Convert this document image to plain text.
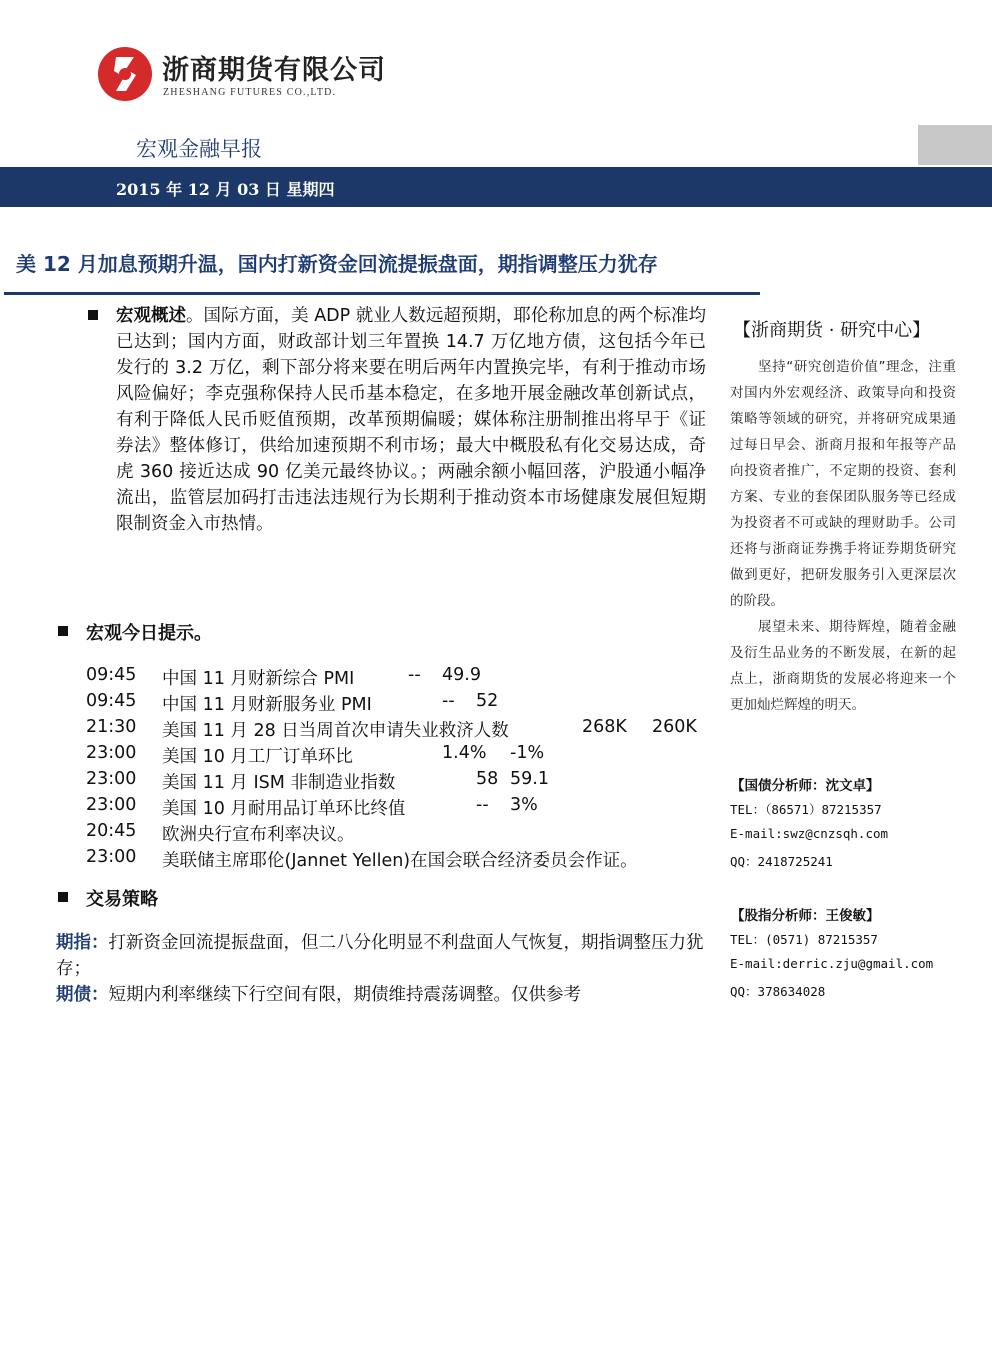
浙商期货有限公司
ZHESHANG FUTURES CO.,LTD.
宏观金融早报
2015 年 12 月 03 日 星期四
美 12 月加息预期升温，国内打新资金回流提振盘面，期指调整压力犹存
宏观概述。国际方面，美 ADP 就业人数远超预期，耶伦称加息的两个标准均已达到；国内方面，财政部计划三年置换 14.7 万亿地方债，这包括今年已发行的 3.2 万亿，剩下部分将来要在明后两年内置换完毕，有利于推动市场风险偏好；李克强称保持人民币基本稳定，在多地开展金融改革创新试点，有利于降低人民币贬值预期，改革预期偏暖；媒体称注册制推出将早于《证券法》整体修订，供给加速预期不利市场；最大中概股私有化交易达成，奇虎 360 接近达成 90 亿美元最终协议。；两融余额小幅回落，沪股通小幅净流出，监管层加码打击违法违规行为长期利于推动资本市场健康发展但短期限制资金入市热情。
宏观今日提示。
09:45 中国 11 月财新综合 PMI	-- 49.9
09:45 中国 11 月财新服务业 PMI	-- 52
21:30 美国 11 月 28 日当周首次申请失业救济人数	268K 260K
23:00 美国 10 月工厂订单环比	1.4% -1%
23:00 美国 11 月 ISM 非制造业指数	58 59.1
23:00 美国 10 月耐用品订单环比终值	-- 3%
20:45 欧洲央行宣布利率决议。
23:00 美联储主席耶伦(Jannet Yellen)在国会联合经济委员会作证。
交易策略
期指：打新资金回流提振盘面，但二八分化明显不利盘面人气恢复，期指调整压力犹存；
期债：短期内利率继续下行空间有限，期债维持震荡调整。仅供参考
【浙商期货 · 研究中心】
坚持“研究创造价值”理念，注重对国内外宏观经济、政策导向和投资策略等领域的研究，并将研究成果通过每日早会、浙商月报和年报等产品向投资者推广，不定期的投资、套利方案、专业的套保团队服务等已经成为投资者不可或缺的理财助手。公司还将与浙商证券携手将证券期货研究做到更好，把研发服务引入更深层次的阶段。
展望未来、期待辉煌，随着金融及衍生品业务的不断发展，在新的起点上，浙商期货的发展必将迎来一个更加灿烂辉煌的明天。
【国债分析师：沈文卓】
TEL：（86571）87215357
E-mail:swz@cnzsqh.com
QQ：2418725241
【股指分析师：王俊敏】
TEL：(0571) 87215357
E-mail:derric.zju@gmail.com
QQ：378634028
